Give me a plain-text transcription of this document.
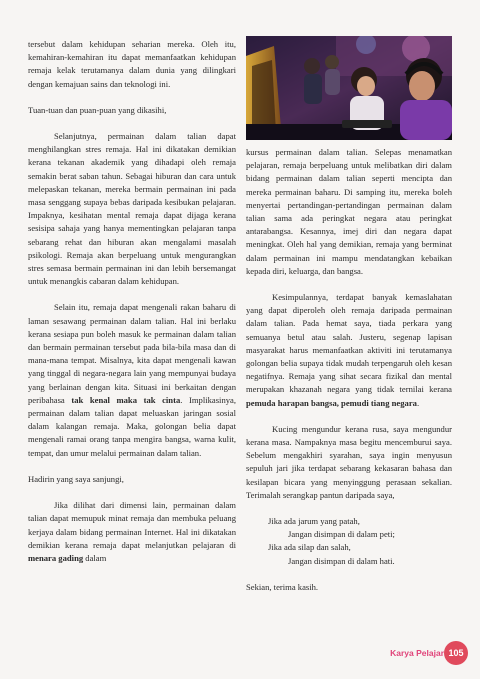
tersebut dalam kehidupan seharian mereka. Oleh itu, kemahiran-kemahiran itu dapat memanfaatkan kehidupan remaja kelak terutamanya dalam dunia yang dilingkari dengan kemajuan sains dan teknologi ini.

Tuan-tuan dan puan-puan yang dikasihi,

Selanjutnya, permainan dalam talian dapat menghilangkan stres remaja. Hal ini dikatakan demikian kerana tekanan akademik yang dihadapi oleh remaja semakin berat saban tahun. Sebagai hiburan dan cara untuk melepaskan tekanan, mereka bermain permainan ini pada masa senggang supaya bebas daripada kesibukan pelajaran. Impaknya, kesihatan mental remaja dapat dijaga kerana sesisipa sahaja yang hanya mementingkan pelajaran tanpa sebarang rehat dan hiburan akan mengalami masalah psikologi. Remaja akan berpeluang untuk mengurangkan stres semasa bermain permainan ini dan lebih bersemangat untuk menangkis cabaran dalam kehidupan.

Selain itu, remaja dapat mengenali rakan baharu di laman sesawang permainan dalam talian. Hal ini berlaku kerana sesiapa pun boleh masuk ke permainan dalam talian dan bermain permainan tersebut pada bila-bila masa dan di mana-mana tempat. Misalnya, kita dapat mengenali kawan yang tinggal di negara-negara lain yang mempunyai budaya yang berlainan dengan kita. Situasi ini berkaitan dengan peribahasa tak kenal maka tak cinta. Implikasinya, permainan dalam talian dapat meluaskan jaringan sosial dalam kalangan remaja. Maka, golongan belia dapat mengenali ramai orang tanpa mengira bangsa, warna kulit, tempat, dan umur melalui permainan dalam talian.

Hadirin yang saya sanjungi,

Jika dilihat dari dimensi lain, permainan dalam talian dapat memupuk minat remaja dan membuka peluang kerjaya dalam bidang permainan Internet. Hal ini dikatakan demikian kerana remaja dapat melanjutkan pelajaran di menara gading dalam

kursus permainan dalam talian. Selepas menamatkan pelajaran, remaja berpeluang untuk melibatkan diri dalam bidang permainan dalam talian seperti mencipta dan mereka permainan baharu. Di samping itu, mereka boleh menyertai pertandingan-pertandingan permainan dalam talian sama ada peringkat negara atau peringkat antarabangsa. Kesannya, imej diri dan negara dapat meningkat. Oleh hal yang demikian, remaja yang berminat dalam permainan ini mampu mendatangkan kebaikan kepada diri, keluarga, dan bangsa.

Kesimpulannya, terdapat banyak kemaslahatan yang dapat diperoleh oleh remaja daripada permainan dalam talian. Pada hemat saya, tiada perkara yang semuanya betul atau salah. Justeru, segenap lapisan masyarakat harus memanfaatkan aktiviti ini terutamanya golongan belia supaya tidak mudah terpengaruh oleh kesan negatifnya. Remaja yang sihat secara fizikal dan mental merupakan khazanah negara yang tidak ternilai kerana pemuda harapan bangsa, pemudi tiang negara.

Kucing mengundur kerana rusa, saya mengundur kerana masa. Nampaknya masa begitu mencemburui saya. Sebelum mengakhiri syarahan, saya ingin menyusun sepuluh jari jika terdapat sebarang kekasaran bahasa dan kesilapan bicara yang menyinggung perasaan sekalian. Terimalah serangkap pantun daripada saya,

Jika ada jarum yang patah,
Jangan disimpan di dalam peti;
Jika ada silap dan salah,
Jangan disimpan di dalam hati.

Sekian, terima kasih.

Karya Pelajar 105
